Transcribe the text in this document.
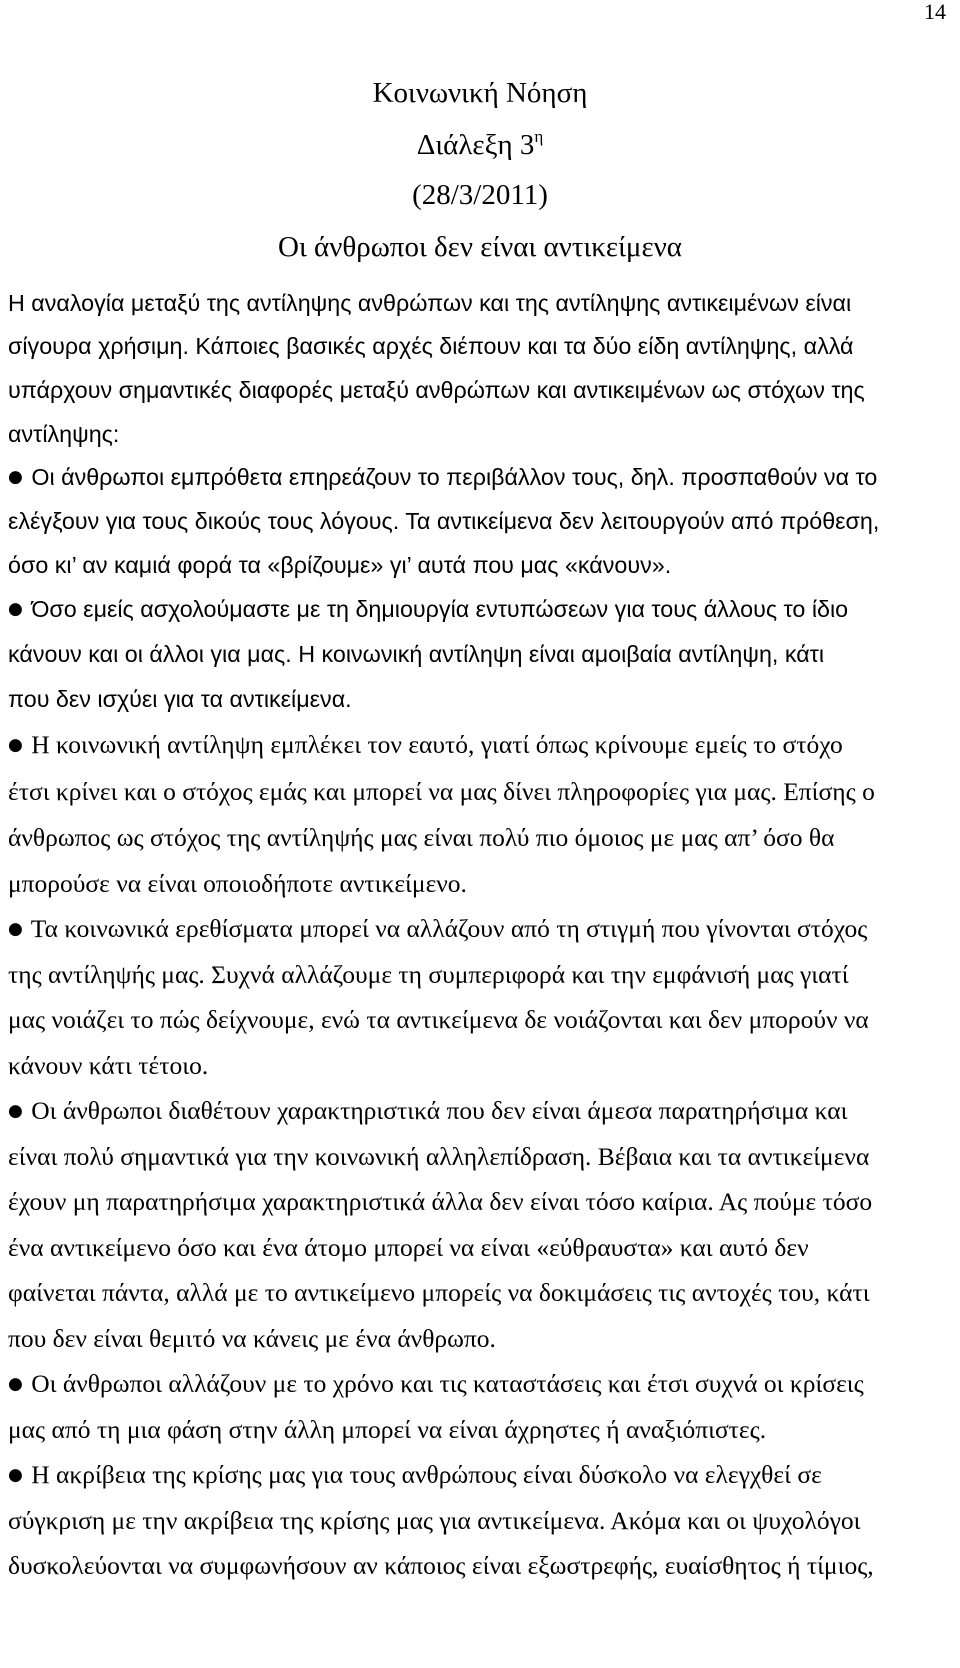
14
Κοινωνική Νόηση
Διάλεξη $3^\eta$
(28/3/2011)
Οι άνθρωποι δεν είναι αντικείμενα
Η αναλογία μεταξύ της αντίληψης ανθρώπων και της αντίληψης αντικειμένων είναι
σίγουρα χρήσιμη. Κάποιες βασικές αρχές διέπουν και τα δύο είδη αντίληψης, αλλά
υπάρχουν σημαντικές διαφορές μεταξύ ανθρώπων και αντικειμένων ως στόχων της
αντίληψης:
● Οι άνθρωποι εμπρόθετα επηρεάζουν το περιβάλλον τους, δηλ. προσπαθούν να το
ελέγξουν για τους δικούς τους λόγους. Τα αντικείμενα δεν λειτουργούν από πρόθεση,
όσο κι’ αν καμιά φορά τα «βρίζουμε» γι’ αυτά που μας «κάνουν».
● Όσο εμείς ασχολούμαστε με τη δημιουργία εντυπώσεων για τους άλλους το ίδιο
κάνουν και οι άλλοι για μας. Η κοινωνική αντίληψη είναι αμοιβαία αντίληψη, κάτι
που δεν ισχύει για τα αντικείμενα.
● Η κοινωνική αντίληψη εμπλέκει τον εαυτό, γιατί όπως κρίνουμε εμείς το στόχο
έτσι κρίνει και ο στόχος εμάς και μπορεί να μας δίνει πληροφορίες για μας. Επίσης ο
άνθρωπος ως στόχος της αντίληψής μας είναι πολύ πιο όμοιος με μας απ’ όσο θα
μπορούσε να είναι οποιοδήποτε αντικείμενο.
● Τα κοινωνικά ερεθίσματα μπορεί να αλλάζουν από τη στιγμή που γίνονται στόχος
της αντίληψής μας. Συχνά αλλάζουμε τη συμπεριφορά και την εμφάνισή μας γιατί
μας νοιάζει το πώς δείχνουμε, ενώ τα αντικείμενα δε νοιάζονται και δεν μπορούν να
κάνουν κάτι τέτοιο.
● Οι άνθρωποι διαθέτουν χαρακτηριστικά που δεν είναι άμεσα παρατηρήσιμα και
είναι πολύ σημαντικά για την κοινωνική αλληλεπίδραση. Βέβαια και τα αντικείμενα
έχουν μη παρατηρήσιμα χαρακτηριστικά άλλα δεν είναι τόσο καίρια. Ας πούμε τόσο
ένα αντικείμενο όσο και ένα άτομο μπορεί να είναι «εύθραυστα» και αυτό δεν
φαίνεται πάντα, αλλά με το αντικείμενο μπορείς να δοκιμάσεις τις αντοχές του, κάτι
που δεν είναι θεμιτό να κάνεις με ένα άνθρωπο.
● Οι άνθρωποι αλλάζουν με το χρόνο και τις καταστάσεις και έτσι συχνά οι κρίσεις
μας από τη μια φάση στην άλλη μπορεί να είναι άχρηστες ή αναξιόπιστες.
● Η ακρίβεια της κρίσης μας για τους ανθρώπους είναι δύσκολο να ελεγχθεί σε
σύγκριση με την ακρίβεια της κρίσης μας για αντικείμενα. Ακόμα και οι ψυχολόγοι
δυσκολεύονται να συμφωνήσουν αν κάποιος είναι εξωστρεφής, ευαίσθητος ή τίμιος,
